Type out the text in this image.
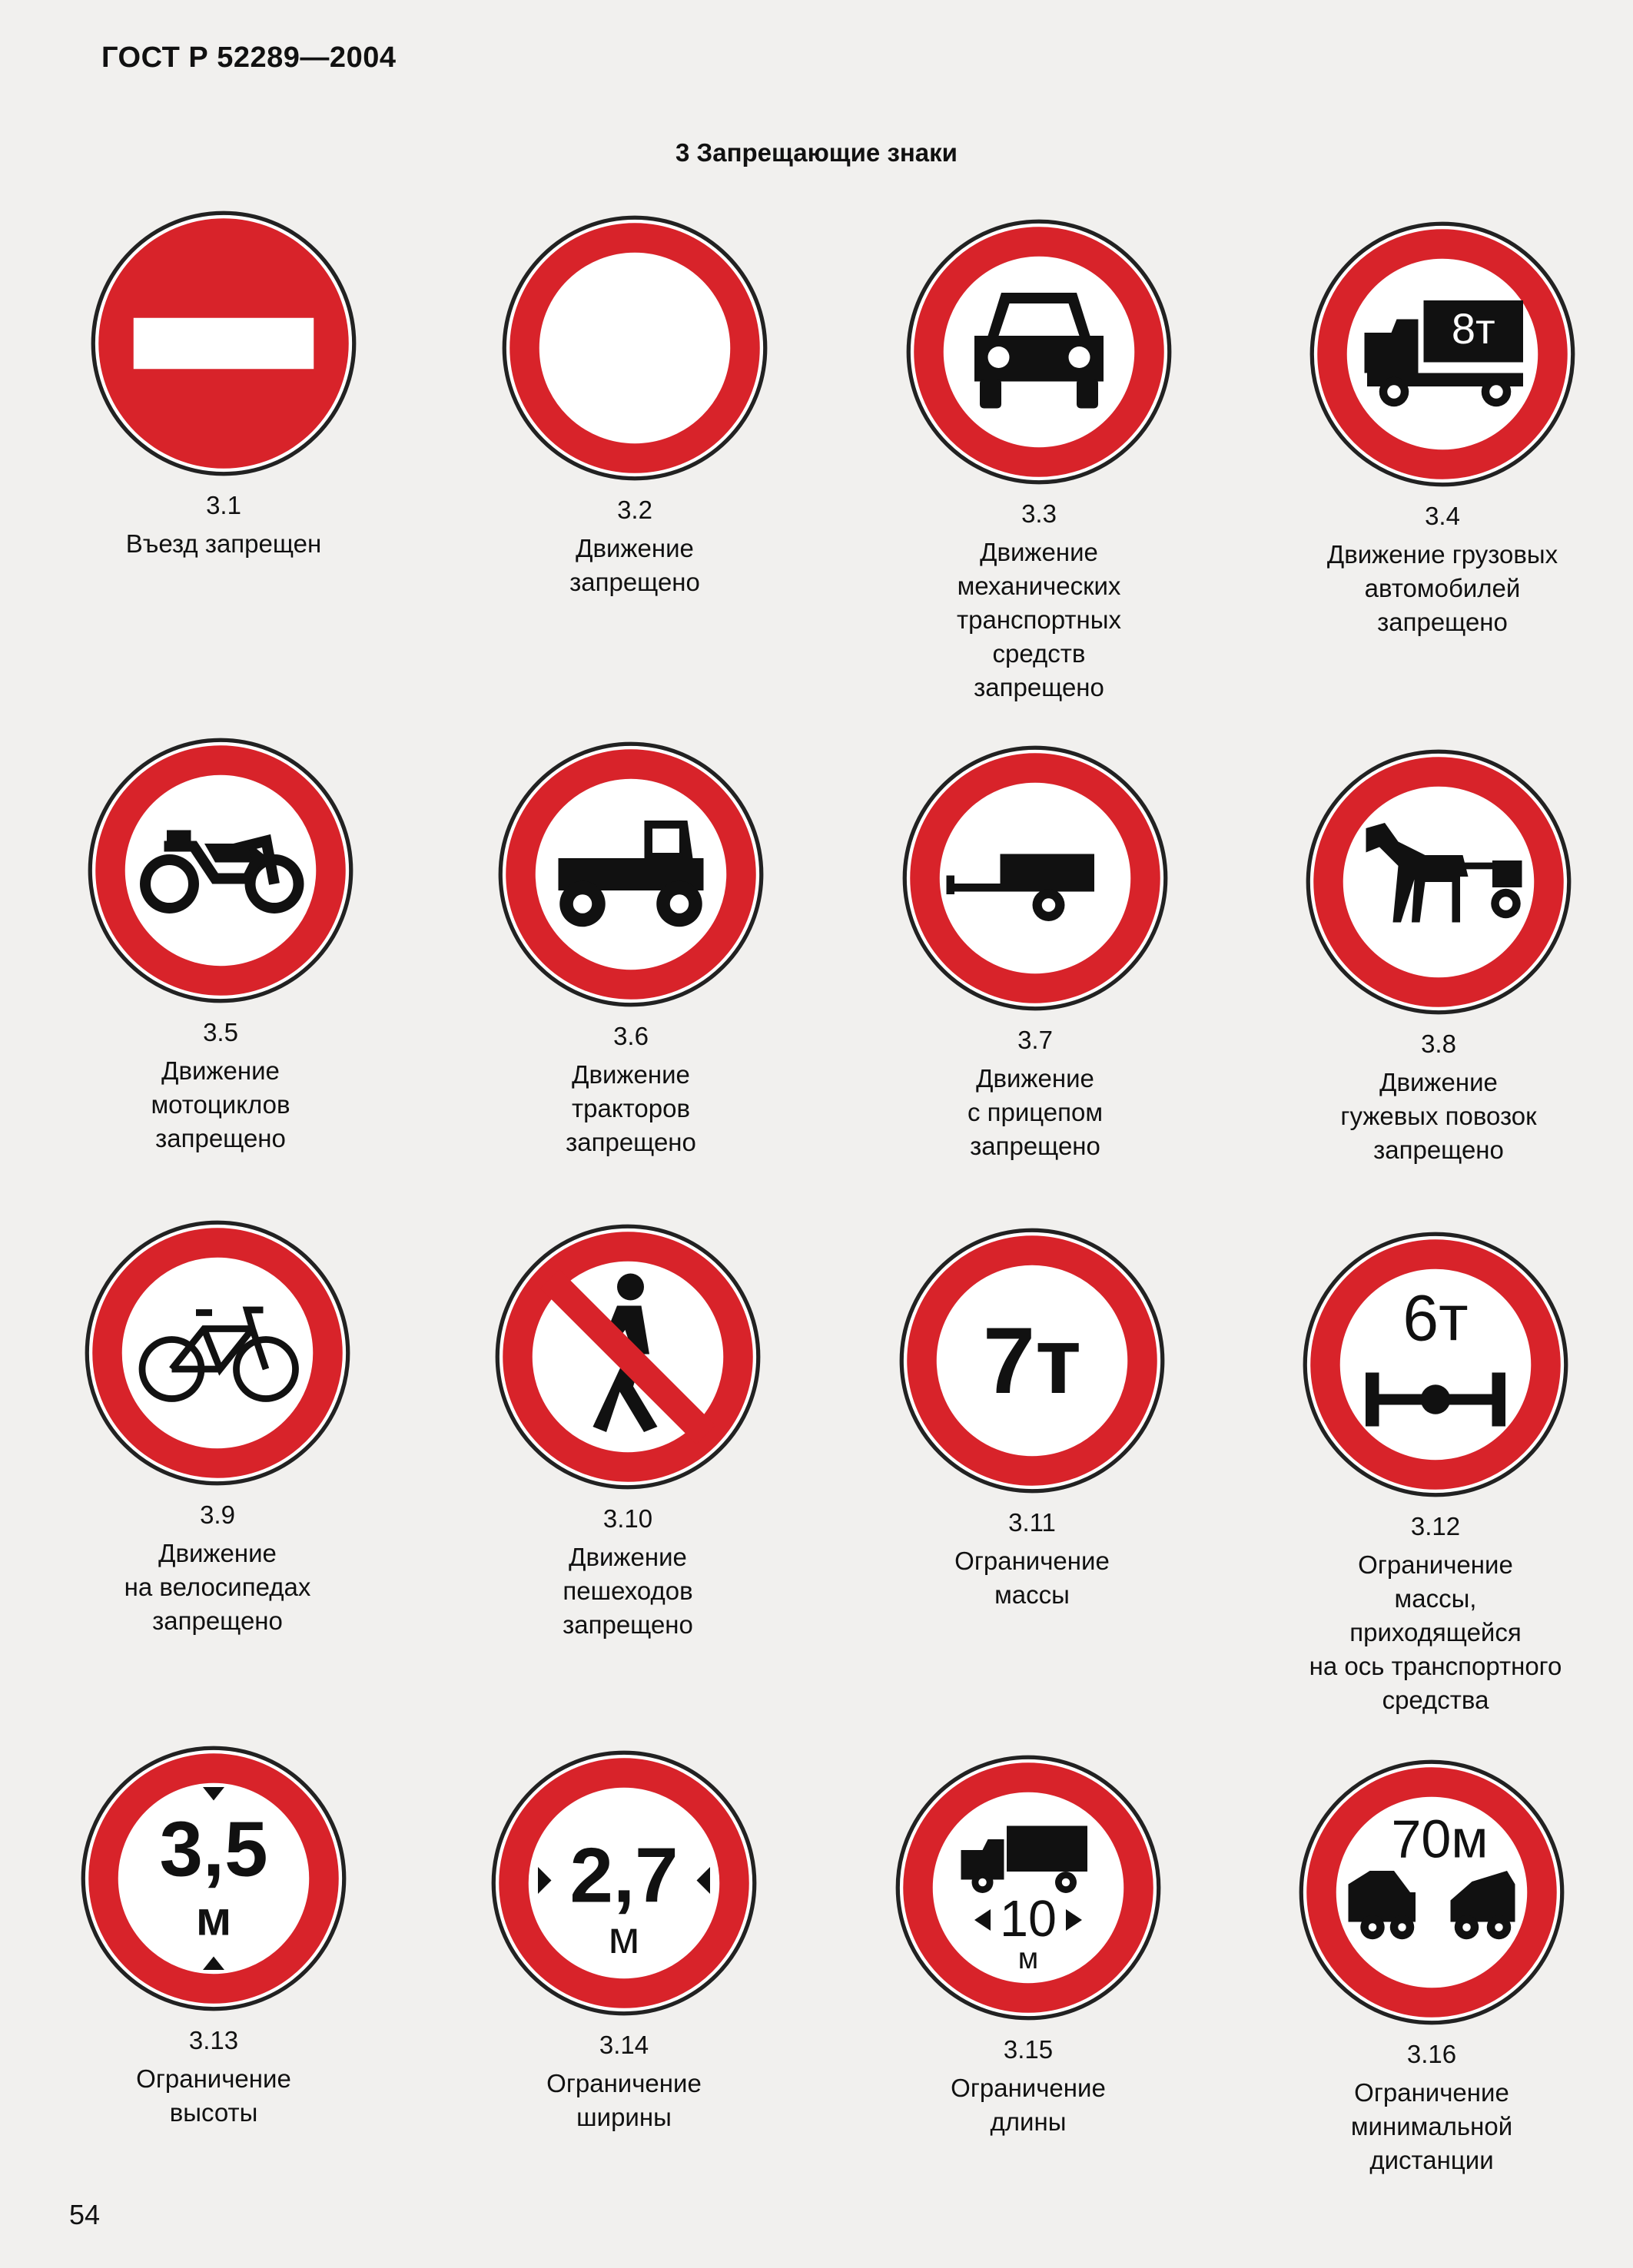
ГОСТ Р 52289—2004
3 Запрещающие знаки
3.1
Въезд запрещен
3.2
Движение
запрещено
3.3
Движение
механических
транспортных
средств
запрещено
8т
3.4
Движение грузовых
автомобилей
запрещено
3.5
Движение
мотоциклов
запрещено
3.6
Движение
тракторов
запрещено
3.7
Движение
с прицепом
запрещено
3.8
Движение
гужевых повозок
запрещено
3.9
Движение
на велосипедах
запрещено
3.10
Движение
пешеходов
запрещено
7т
3.11
Ограничение
массы
6т
3.12
Ограничение
массы,
приходящейся
на ось транспортного
средства
3,5
м
3.13
Ограничение
высоты
2,7
м
3.14
Ограничение
ширины
10
м
3.15
Ограничение
длины
70м
3.16
Ограничение
минимальной
дистанции
54
